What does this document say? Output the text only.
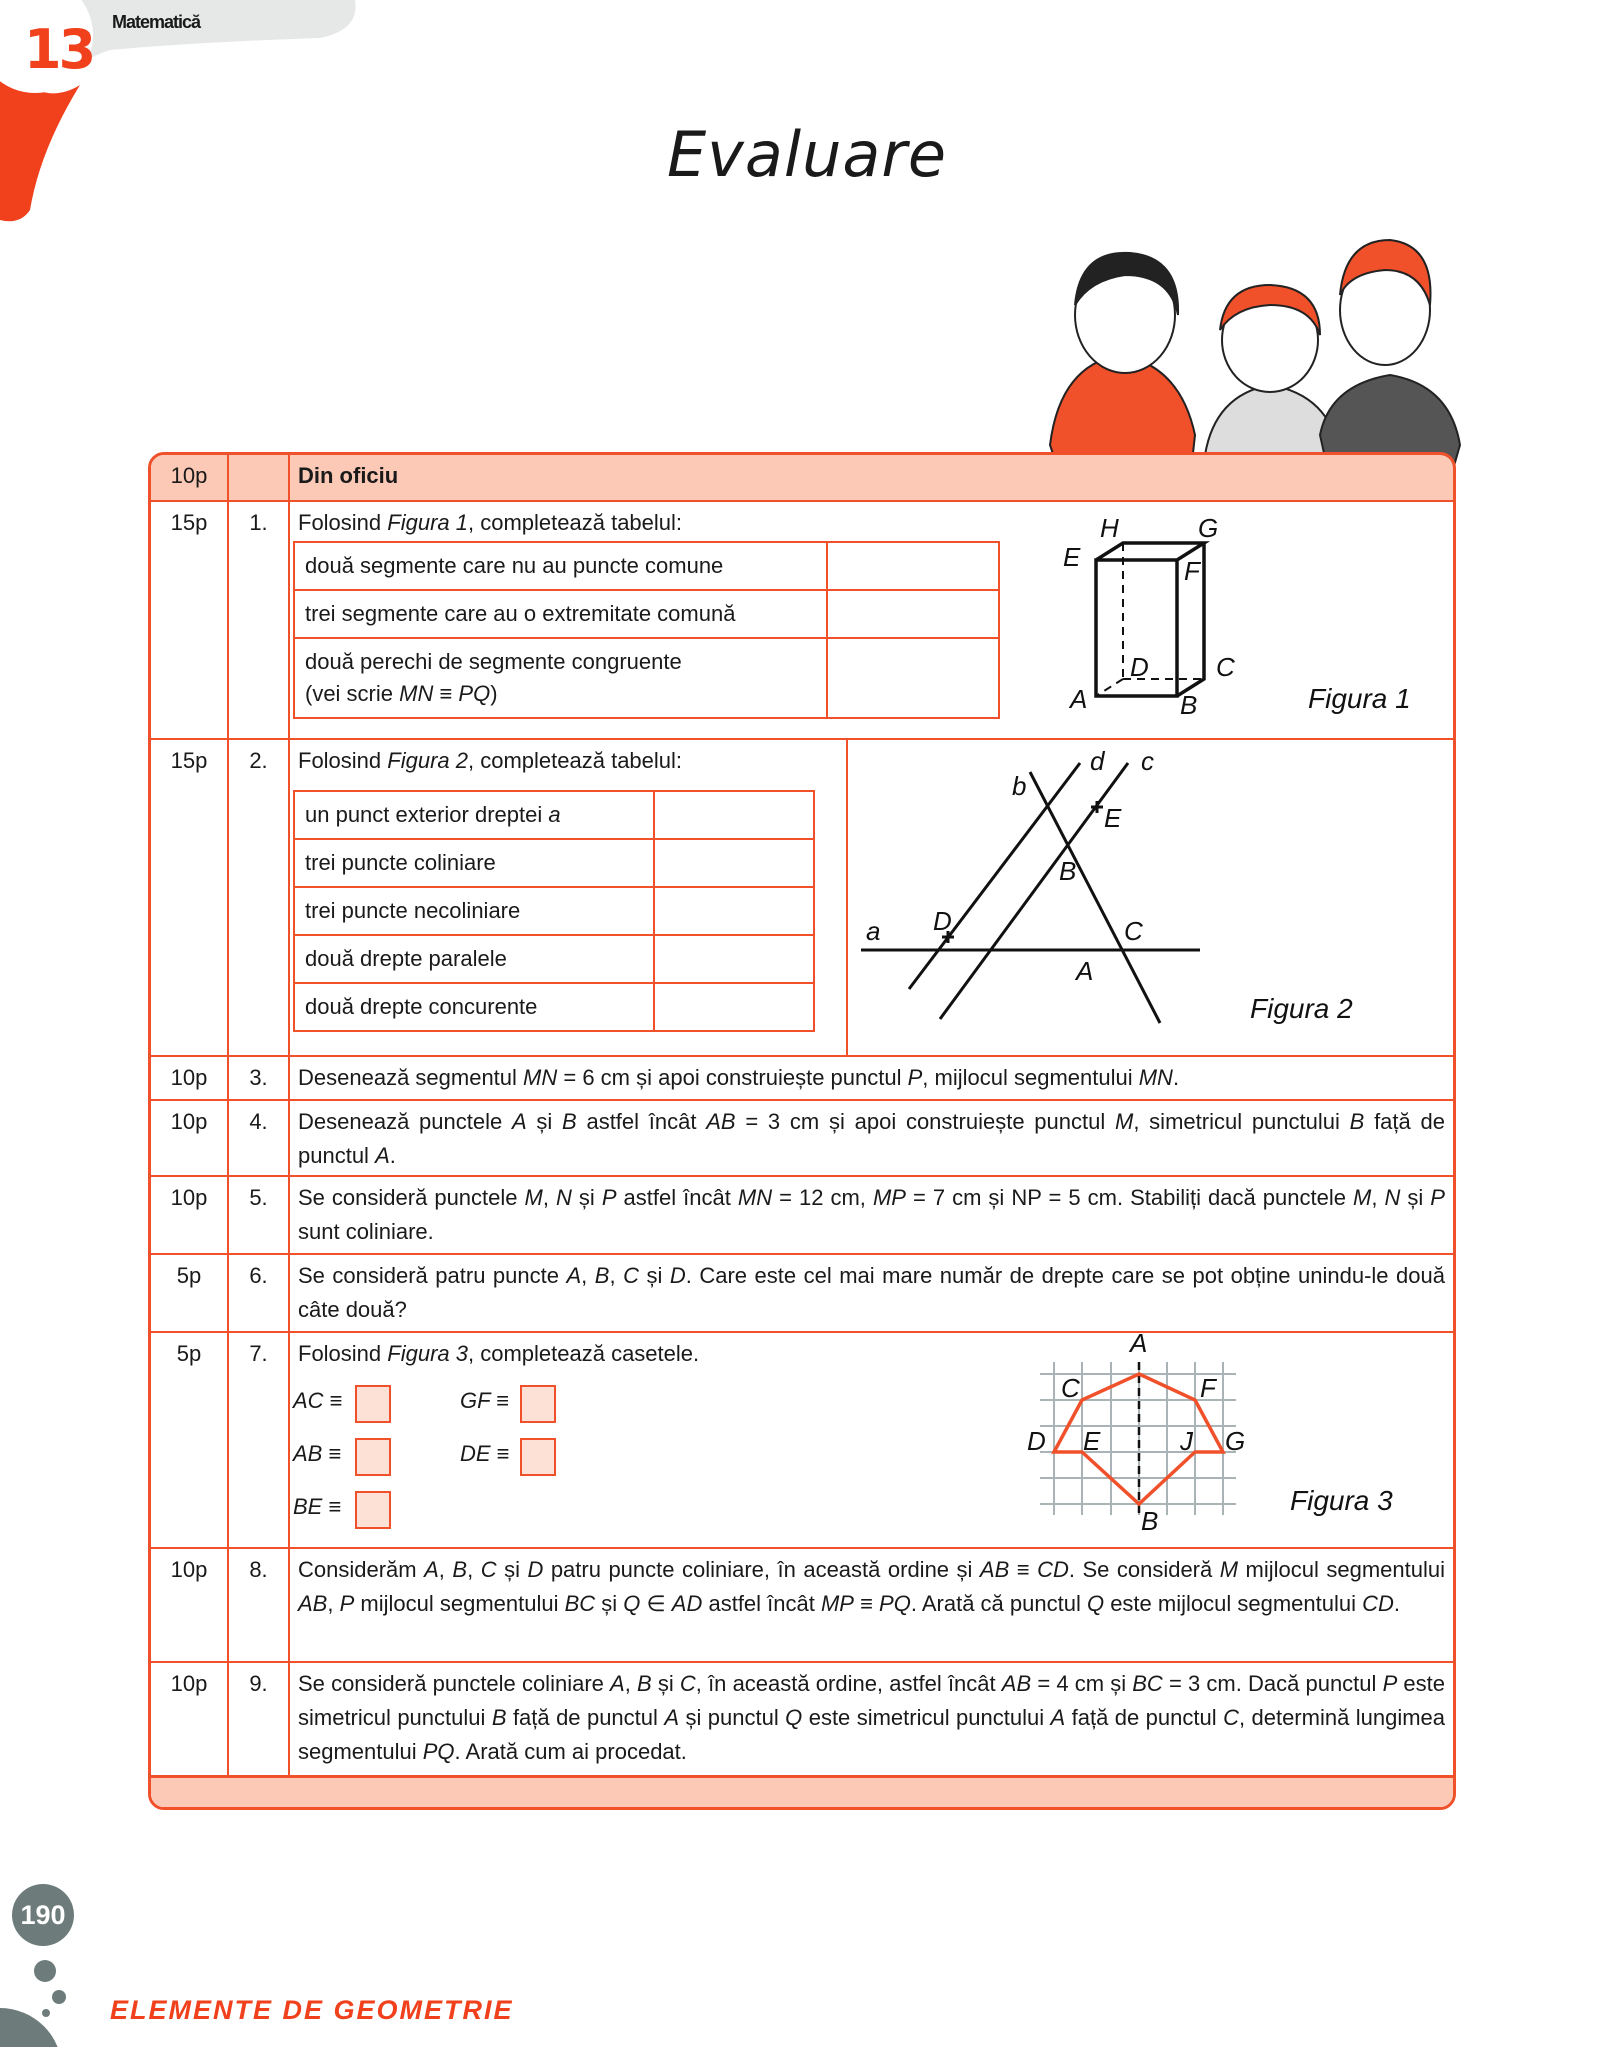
13 Matematică
Evaluare
10p	Din oficiu
15p	1.	Folosind Figura 1, completează tabelul:
15p	2.	Folosind Figura 2, completează tabelul:
10p	3.	Desenează segmentul MN = 6 cm și apoi construiește punctul P, mijlocul segmentului MN.
10p	4.	Desenează punctele A și B astfel încât AB = 3 cm și apoi construiește punctul M, simetricul punctului B față de punctul A.
10p	5.	Se consideră punctele M, N și P astfel încât MN = 12 cm, MP = 7 cm și NP = 5 cm. Stabiliți dacă punctele M, N și P sunt coliniare.
5p	6.	Se consideră patru puncte A, B, C și D. Care este cel mai mare număr de drepte care se pot obține unindu-le două câte două?
5p	7.	Folosind Figura 3, completează casetele.
10p	8.	Considerăm A, B, C și D patru puncte coliniare, în această ordine și AB ≡ CD. Se consideră M mijlocul segmentului AB, P mijlocul segmentului BC și Q ∈ AD astfel încât MP ≡ PQ. Arată că punctul Q este mijlocul segmentului CD.
10p	9.	Se consideră punctele coliniare A, B și C, în această ordine, astfel încât AB = 4 cm și BC = 3 cm. Dacă punctul P este simetricul punctului B față de punctul A și punctul Q este simetricul punctului A față de punctul C, determină lungimea segmentului PQ. Arată cum ai procedat.
două segmente care nu au puncte comune	
trei segmente care au o extremitate comună	

două perechi de segmente congruente
(vei scrie MN ≡ PQ)	

H	G
E	F
D	C
A	B	Figura 1
un punct exterior dreptei a	
trei puncte coliniare	
trei puncte necoliniare	
două drepte paralele	
două drepte concurente	
a
b
c
d
A
B
C
D
E
Figura 2
AC ≡	GF ≡
AB ≡	DE ≡
BE ≡
A
B
C
D E
F
G
J
Figura 3
190
ELEMENTE DE GEOMETRIE
